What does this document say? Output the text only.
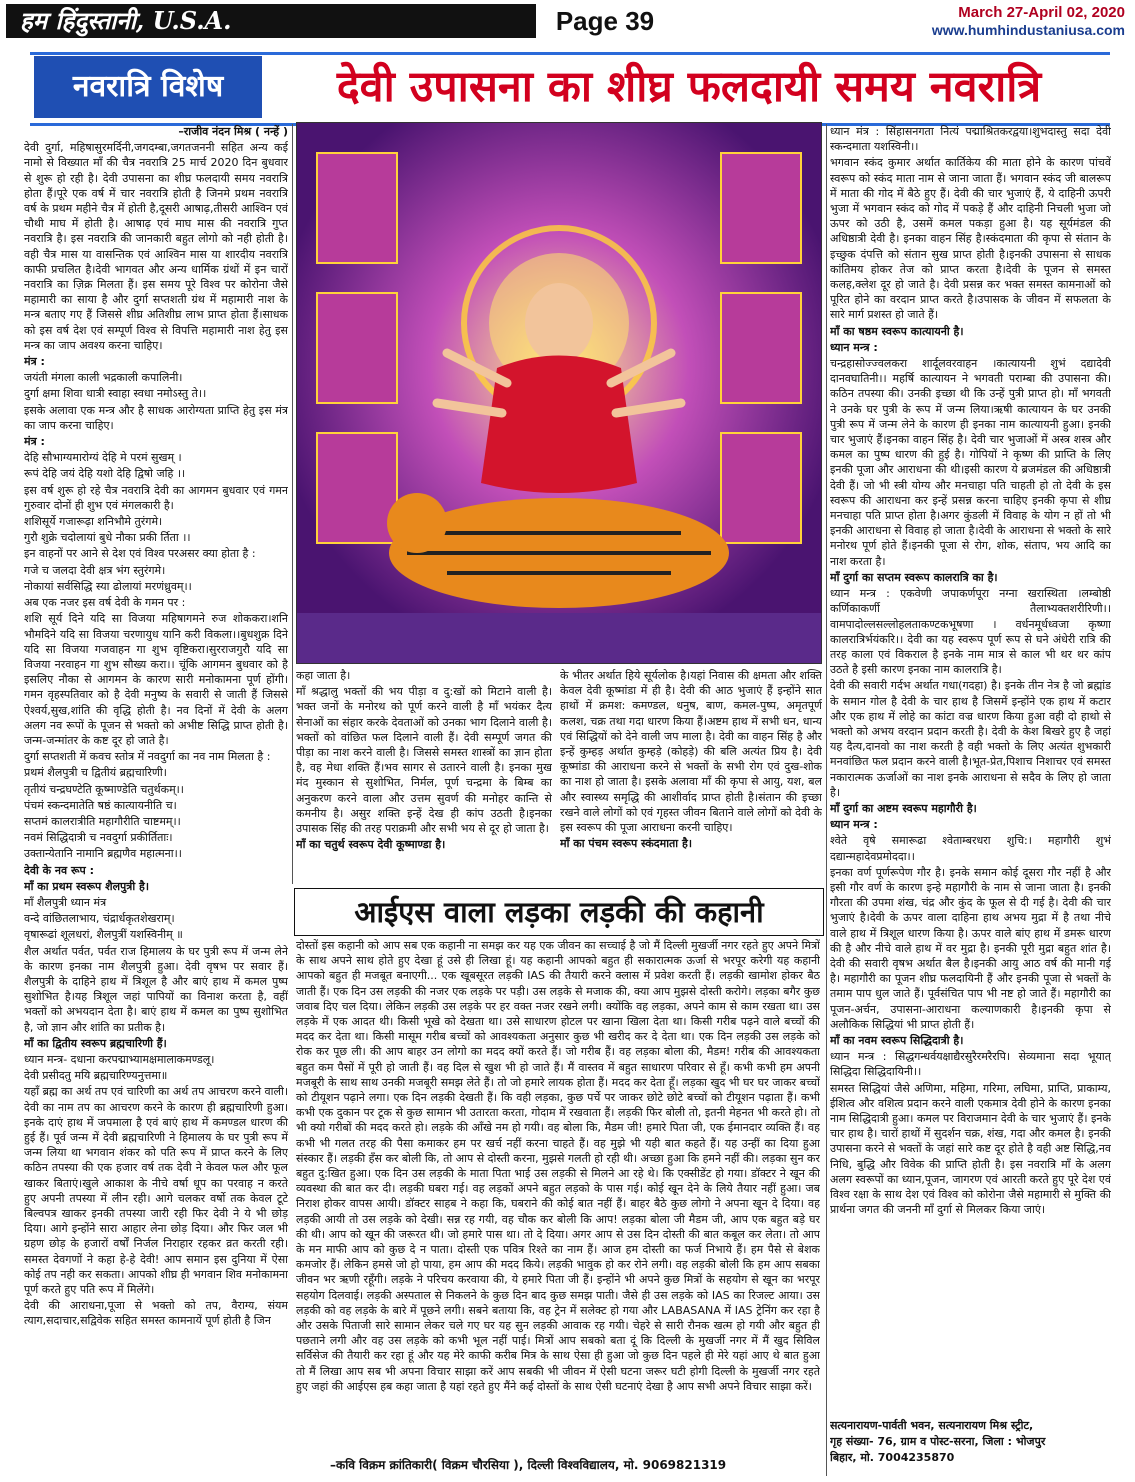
हम हिंदुस्तानी, U.S.A.	Page 39	March 27-April 02, 2020
www.humhindustaniusa.com
नवरात्रि विशेष	देवी उपासना का शीघ्र फलदायी समय नवरात्रि

–राजीव नंदन मिश्र ( नन्हें )

देवी दुर्गा, महिषासुरमर्दिनी,जगदम्बा,जगतजननी सहित अन्य कई नामो से विख्यात माँ की चैत्र नवरात्रि 25 मार्च 2020 दिन बुधवार से शुरू हो रही है। देवी उपासना का शीघ्र फलदायी समय नवरात्रि होता हैं।पूरे एक वर्ष में चार नवरात्रि होती है जिनमे प्रथम नवरात्रि वर्ष के प्रथम महीने चैत्र में होती है,दूसरी आषाढ़,तीसरी आश्विन एवं चौथी माघ में होती है। आषाढ़ एवं माघ मास की नवरात्रि गुप्त नवरात्रि है। इस नवरात्रि की जानकारी बहुत लोगो को नही होती है।वही चैत्र मास या वासन्तिक एवं आश्विन मास या शारदीय नवरात्रि काफी प्रचलित है।देवी भागवत और अन्य धार्मिक ग्रंथों में इन चारों नवरात्रि का ज़िक्र मिलता हैं। इस समय पूरे विश्व पर कोरोना जैसे महामारी का साया है और दुर्गा सप्तशती ग्रंथ में महामारी नाश के मन्त्र बताए गए हैं जिससे शीघ्र अतिशीघ्र लाभ प्राप्त होता हैं।साधक को इस वर्ष देश एवं सम्पूर्ण विश्व से विपत्ति महामारी नाश हेतु इस मन्त्र का जाप अवश्य करना चाहिए।

मंत्र :

जयंती मंगला काली भद्रकाली कपालिनी।

दुर्गा क्षमा शिवा धात्री स्वाहा स्वधा नमोऽस्तु ते।।

इसके अलावा एक मन्त्र और है साधक आरोग्यता प्राप्ति हेतु इस मंत्र का जाप करना चाहिए।

मंत्र :

देहि सौभाग्यमारोग्यं देहि मे परमं सुखम् ।

रूपं देहि जयं देहि यशो देहि द्विषो जहि ।।

इस वर्ष शुरू हो रहे चैत्र नवरात्रि देवी का आगमन बुधवार एवं गमन गुरुवार दोनों ही शुभ एवं मंगलकारी है।

शशिसूर्ये गजारूढ़ा शनिभौमे तुरंगमे।

गुरौ शुक्रे चदोलायां बुधे नौका प्रकी र्तिता ।।

इन वाहनों पर आने से देश एवं विश्व परअसर क्या होता है :

गजे च जलदा देवी क्षत्र भंग स्तुरंगमे।

नोकायां सर्वसिद्धि स्या ढोलायां मरणंध्रुवम्।।

अब एक नजर इस वर्ष देवी के गमन पर :

शशि सूर्य दिने यदि सा विजया महिषागमने रुज शोककरा।शनि भौमदिने यदि सा विजया चरणायुध यानि करी विकला।।बुधशुक्र दिने यदि सा विजया गजवाहन गा शुभ वृष्टिकरा।सुरराजगुरौ यदि सा विजया नरवाहन गा शुभ सौख्य करा।। चूंकि आगमन बुधवार को है इसलिए नौका से आगमन के कारण सारी मनोकामना पूर्ण होंगी। गमन वृहस्पतिवार को है देवी मनुष्य के सवारी से जाती हैं जिससे ऐश्वर्य,सुख,शांति की वृद्धि होती है। नव दिनों में देवी के अलग अलग नव रूपों के पूजन से भक्तो को अभीष्ट सिद्धि प्राप्त होती है।जन्म-जन्मांतर के कष्ट दूर हो जाते है।

दुर्गा सप्तशती में कवच स्तोत्र में नवदुर्गा का नव नाम मिलता है :

प्रथमं शैलपुत्री च द्वितीयं ब्रह्मचारिणी।

तृतीयं चन्द्रघण्टेति कूष्माण्डेति चतुर्थकम्।।

पंचमं स्कन्दमातेति षष्ठं कात्यायनीति च।

सप्तमं कालरात्रीति महागौरीति चाष्टमम्।।

नवमं सिद्धिदात्री च नवदुर्गा प्रकीर्तिताः।

उक्तान्येतानि नामानि ब्रह्मणैव महात्मना।।

देवी के नव रूप :

माँ का प्रथम स्वरूप शैलपुत्री है।

माँ शैलपुत्री ध्यान मंत्र

वन्दे वांछितलाभाय, चंद्रार्धकृतशेखराम्।

वृषारूढां शूलधरां, शैलपुत्रीं यशस्विनीम् ॥

शैल अर्थात पर्वत, पर्वत राज हिमालय के घर पुत्री रूप में जन्म लेने के कारण इनका नाम शैलपुत्री हुआ। देवी वृषभ पर सवार हैं। शैलपुत्री के दाहिने हाथ में त्रिशूल है और बाएं हाथ में कमल पुष्प सुशोभित है।यह त्रिशूल जहां पापियों का विनाश करता है, वहीं भक्तों को अभयदान देता है। बाएं हाथ में कमल का पुष्प सुशोभित है, जो ज्ञान और शांति का प्रतीक है।

माँ का द्वितीय स्वरूप ब्रह्मचारिणी हैं।

ध्यान मन्त्र- दधाना करपद्माभ्यामक्षमालाकमण्डलू।

देवी प्रसीदतु मयि ब्रह्मचारिण्यनुत्तमा॥

यहाँ ब्रह्म का अर्थ तप एवं चारिणी का अर्थ तप आचरण करने वाली। देवी का नाम तप का आचरण करने के कारण ही ब्रह्मचारिणी हुआ। इनके दाएं हाथ में जपमाला है एवं बाएं हाथ में कमण्डल धारण की हुई हैं। पूर्व जन्म में देवी ब्रह्मचारिणी ने हिमालय के घर पुत्री रूप में जन्म लिया था भगवान शंकर को पति रूप में प्राप्त करने के लिए कठिन तपस्या की एक हजार वर्ष तक देवी ने केवल फल और फूल खाकर बिताएं।खुले आकाश के नीचे वर्षा धूप का परवाह न करते हुए अपनी तपस्या में लीन रही। आगे चलकर वर्षो तक केवल टूटे बिल्वपत्र खाकर इनकी तपस्या जारी रही फिर देवी ने ये भी छोड़ दिया। आगे इन्होंने सारा आहार लेना छोड़ दिया। और फिर जल भी ग्रहण छोड़ के हजारों वर्षों निर्जल निराहार रहकर व्रत करती रही।समस्त देवगणों ने कहा हे-हे देवी! आप समान इस दुनिया में ऐसा कोई तप नही कर सकता। आपको शीघ्र ही भगवान शिव मनोकामना पूर्ण करते हुए पति रूप में मिलेंगे।

देवी की आराधना,पूजा से भक्तो को तप, वैराग्य, संयम त्याग,सदाचार,सद्विवेक सहित समस्त कामनायें पूर्ण होती है जिन

कहा जाता है।

माँ श्रद्धालु भक्तों की भय पीड़ा व दु:खों को मिटाने वाली है। भक्त जनों के मनोरथ को पूर्ण करने वाली है माँ भयंकर दैत्य सेनाओं का संहार करके देवताओं को उनका भाग दिलाने वाली है। भक्तों को वांछित फल दिलाने वाली हैं। देवी सम्पूर्ण जगत की पीड़ा का नाश करने वाली है। जिससे समस्त शास्त्रों का ज्ञान होता है, वह मेधा शक्ति हैं।भव सागर से उतारने वाली है। इनका मुख मंद मुस्कान से सुशोभित, निर्मल, पूर्ण चन्द्रमा के बिम्ब का अनुकरण करने वाला और उत्तम सुवर्ण की मनोहर कान्ति से कमनीय है। असुर शक्ति इन्हें देख ही कांप उठती है।इनका उपासक सिंह की तरह पराक्रमी और सभी भय से दूर हो जाता है।

माँ का चतुर्थ स्वरूप देवी कूष्माण्डा है।

के भीतर अर्थात हिये सूर्यलोक है।यहां निवास की क्षमता और शक्ति केवल देवी कूष्मांडा में ही है। देवी की आठ भुजाएं हैं इन्होंने सात हाथों में क्रमश: कमण्डल, धनुष, बाण, कमल-पुष्प, अमृतपूर्ण कलश, चक्र तथा गदा धारण किया हैं।अष्टम हाथ में सभी धन, धान्य एवं सिद्धियों को देने वाली जप माला है। देवी का वाहन सिंह है और इन्हें कुम्हड़ अर्थात कुम्हड़े (कोहड़े) की बलि अत्यंत प्रिय है। देवी कूष्मांडा की आराधना करने से भक्तों के सभी रोग एवं दुख-शोक का नाश हो जाता है। इसके अलावा माँ की कृपा से आयु, यश, बल और स्वास्थ्य समृद्धि की आशीर्वाद प्राप्त होती है।संतान की इच्छा रखने वाले लोगों को एवं गृहस्त जीवन बिताने वाले लोगों को देवी के इस स्वरूप की पूजा आराधना करनी चाहिए।

माँ का पंचम स्वरूप स्कंदमाता है।

ध्यान मंत्र : सिंहासनगता नित्यं पद्माश्रितकरद्वया।शुभदास्तु सदा देवी स्कन्दमाता यशस्विनी।।

भगवान स्कंद कुमार अर्थात कार्तिकेय की माता होने के कारण पांचवें स्वरूप को स्कंद माता नाम से जाना जाता हैं। भगवान स्कंद जी बालरूप में माता की गोद में बैठे हुए हैं। देवी की चार भुजाएं हैं, ये दाहिनी ऊपरी भुजा में भगवान स्कंद को गोद में पकड़े हैं और दाहिनी निचली भुजा जो ऊपर को उठी है, उसमें कमल पकड़ा हुआ है। यह सूर्यमंडल की अधिष्ठात्री देवी है। इनका वाहन सिंह है।स्कंदमाता की कृपा से संतान के इच्छुक दंपत्ति को संतान सुख प्राप्त होती है।इनकी उपासना से साधक कांतिमय होकर तेज को प्राप्त करता है।देवी के पूजन से समस्त कलह,क्लेश दूर हो जाते है। देवी प्रसन्न कर भक्त समस्त कामनाओं को पूरित होने का वरदान प्राप्त करते है।उपासक के जीवन में सफलता के सारे मार्ग प्रशस्त हो जाते हैं।

माँ का षष्ठम स्वरूप कात्यायनी है।

ध्यान मन्त्र :

चन्द्रहासोज्ज्वलकरा शार्दूलवरवाहन ।कात्यायनी शुभं दद्यादेवी दानवघातिनी।। महर्षि कात्यायन ने भगवती पराम्बा की उपासना की। कठिन तपस्या की। उनकी इच्छा थी कि उन्हें पुत्री प्राप्त हो। माँ भगवती ने उनके घर पुत्री के रूप में जन्म लिया।ऋषी कात्यायन के घर उनकी पुत्री रूप में जन्म लेने के कारण ही इनका नाम कात्यायनी हुआ। इनकी चार भुजाएं हैं।इनका वाहन सिंह है। देवी चार भुजाओं में अस्त्र शस्त्र और कमल का पुष्प धारण की हुई है। गोपियों ने कृष्ण की प्राप्ति के लिए इनकी पूजा और आराधना की थी।इसी कारण ये ब्रजमंडल की अधिष्ठात्री देवी हैं। जो भी स्त्री योग्य और मनचाहा पति चाहती हो तो देवी के इस स्वरूप की आराधना कर इन्हें प्रसन्न करना चाहिए इनकी कृपा से शीघ्र मनचाहा पति प्राप्त होता है।अगर कुंडली में विवाह के योग न हों तो भी इनकी आराधना से विवाह हो जाता है।देवी के आराधना से भक्तो के सारे मनोरथ पूर्ण होते हैं।इनकी पूजा से रोग, शोक, संताप, भय आदि का नाश करता है।

माँ दुर्गा का सप्तम स्वरूप कालरात्रि का है।

ध्यान मन्त्र : एकवेणी जपाकर्णपूरा नग्ना खरास्थिता ।लम्बोष्ठी कर्णिकाकर्णी तैलाभ्यक्तशरीरिणी।। वामपादोल्लसल्लोहलताकण्टकभूषणा । वर्धनमूर्धध्वजा कृष्णा कालरात्रिर्भयंकरि।। देवी का यह स्वरूप पूर्ण रूप से घने अंधेरी रात्रि की तरह काला एवं विकराल है इनके नाम मात्र से काल भी थर थर कांप उठते है इसी कारण इनका नाम कालरात्रि है।

देवी की सवारी गर्दभ अर्थात गधा(गदहा) है। इनके तीन नेत्र है जो ब्रह्मांड के समान गोल है देवी के चार हाथ है जिसमें इन्होंने एक हाथ में कटार और एक हाथ में लोहे का कांटा वज्र धारण किया हुआ वही दो हाथो से भक्तो को अभय वरदान प्रदान करती है। देवी के केश बिखरे हुए है जहां यह दैत्य,दानवो का नाश करती है वही भक्तो के लिए अत्यंत शुभकारी मनवांछित फल प्रदान करने वाली है।भूत-प्रेत,पिशाच निशाचर एवं समस्त नकारात्मक ऊर्जाओं का नाश इनके आराधना से सदैव के लिए हो जाता है।

माँ दुर्गा का अष्टम स्वरूप महागौरी है।

ध्यान मन्त्र :

श्वेते वृषे समारूढा श्वेताम्बरधरा शुचि:। महागौरी शुभं दद्यान्महादेवप्रमोददा।।

इनका वर्ण पूर्णरूपेण गौर है। इनके समान कोई दूसरा गौर नहीं है और इसी गौर वर्ण के कारण इन्हे महागौरी के नाम से जाना जाता है। इनकी गौरता की उपमा शंख, चंद्र और कुंद के फूल से दी गई है। देवी की चार भुजाएं है।देवी के ऊपर वाला दाहिना हाथ अभय मुद्रा में है तथा नीचे वाले हाथ में त्रिशूल धारण किया है। ऊपर वाले बांए हाथ में डमरू धारण की है और नीचे वाले हाथ में वर मुद्रा है। इनकी पूरी मुद्रा बहुत शांत है। देवी की सवारी वृषभ अर्थात बैल है।इनकी आयु आठ वर्ष की मानी गई है। महागौरी का पूजन शीघ्र फलदायिनी हैं और इनकी पूजा से भक्तों के तमाम पाप धुल जाते हैं। पूर्वसंचित पाप भी नष्ट हो जाते हैं। महागौरी का पूजन-अर्चन, उपासना-आराधना कल्याणकारी है।इनकी कृपा से अलौकिक सिद्धियां भी प्राप्त होती हैं।

माँ का नवम स्वरूप सिद्धिदात्री है।

ध्यान मन्त्र : सिद्धगन्धर्वयक्षाद्यैरसुरैरमरैरपि। सेव्यमाना सदा भूयात् सिद्धिदा सिद्धिदायिनी।।

समस्त सिद्धियां जैसे अणिमा, महिमा, गरिमा, लघिमा, प्राप्ति, प्राकाम्य, ईशित्व और वशित्व प्रदान करने वाली एकमात्र देवी होने के कारण इनका नाम सिद्धिदात्री हुआ। कमल पर विराजमान देवी के चार भुजाएं हैं। इनके चार हाथ है। चारों हाथों में सुदर्शन चक्र, शंख, गदा और कमल है। इनकी उपासना करने से भक्तों के जहां सारे कष्ट दूर होते है वही अष्ट सिद्धि,नव निधि, बुद्धि और विवेक की प्राप्ति होती है। इस नवरात्रि माँ के अलग अलग स्वरूपों का ध्यान,पूजन, जागरण एवं आरती करते हुए पूरे देश एवं विश्व रक्षा के साथ देश एवं विश्व को कोरोना जैसे महामारी से मुक्ति की प्रार्थना जगत की जननी माँ दुर्गा से मिलकर किया जाएं।

सत्यनारायण-पार्वती भवन, सत्यनारायण मिश्र स्ट्रीट,

गृह संख्या- 76, ग्राम व पोस्ट-सरना, जिला : भोजपुर

बिहार, मो. 7004235870

आईएस वाला लड़का लड़की की कहानी

दोस्तों इस कहानी को आप सब एक कहानी ना समझ कर यह एक जीवन का सच्चाई है जो मैं दिल्ली मुखर्जी नगर रहते हुए अपने मित्रों के साथ अपने साथ होते हुए देखा हूं उसे ही लिखा हूं। यह कहानी आपको बहुत ही सकारात्मक ऊर्जा से भरपूर करेगी यह कहानी आपको बहुत ही मजबूत बनाएगी... एक खूबसूरत लड़की IAS की तैयारी करने क्लास में प्रवेश करती हैं। लड़की खामोश होकर बैठ जाती हैं। एक दिन उस लड़की की नजर एक लड़के पर पड़ी। उस लड़के से मजाक की, क्या आप मुझसे दोस्ती करोगे। लड़का बगैर कुछ जवाब दिए चल दिया। लेकिन लड़की उस लड़के पर हर वक्त नजर रखने लगी। क्योंकि वह लड़का, अपने काम से काम रखता था। उस लड़के में एक आदत थी। किसी भूखे को देखता था। उसे साधारण होटल पर खाना खिला देता था। किसी गरीब पढ़ने वाले बच्चों की मदद कर देता था। किसी मासूम गरीब बच्चों को आवश्यकता अनुसार कुछ भी खरीद कर दे देता था। एक दिन लड़की उस लड़के को रोक कर पूछ ली। की आप बाहर उन लोगो का मदद क्यों करते हैं। जो गरीब हैं। वह लड़का बोला की, मैडम! गरीब की आवश्यकता बहुत कम पैसों में पूरी हो जाती हैं। वह दिल से खुश भी हो जाते हैं। मैं वास्तव में बहुत साधारण परिवार से हूँ। कभी कभी हम अपनी मजबूरी के साथ साथ उनकी मजबूरी समझ लेते हैं। तो जो हमारे लायक होता हैं। मदद कर देता हूँ। लड़का खुद भी घर घर जाकर बच्चों को टीयूशन पढ़ाने लगा। एक दिन लड़की देखती हैं। कि वही लड़का, कुछ पर्चे पर जाकर छोटे छोटे बच्चों को टीयूशन पढ़ाता हैं। कभी कभी एक दुकान पर टूक से कुछ सामान भी उतारता करता, गोदाम में रखवाता हैं। लड़की फिर बोली तो, इतनी मेहनत भी करते हो। तो भी क्यो गरीबों की मदद करते हो। लड़के की आँखे नम हो गयी। वह बोला कि, मैडम जी! हमारे पिता जी, एक ईमानदार व्यक्ति हैं। वह कभी भी गलत तरह की पैसा कमाकर हम पर खर्च नहीं करना चाहते हैं। वह मुझे भी यही बात कहते हैं। यह उन्हीं का दिया हुआ संस्कार हैं। लड़की हँस कर बोली कि, तो आप से दोस्ती करना, मुझसे गलती हो रही थी। अच्छा हुआ कि हमने नहीं की। लड़का सुन कर बहुत दु:खित हुआ। एक दिन उस लड़की के माता पिता भाई उस लड़की से मिलने आ रहे थे। कि एक्सीडेंट हो गया। डॉक्टर ने खून की व्यवस्था की बात कर दी। लड़की घबरा गई। वह लड़कों अपने बहुत लड़को के पास गई। कोई खून देने के लिये तैयार नहीं हुआ। जब निराश होकर वापस आयी। डॉक्टर साहब ने कहा कि, घबराने की कोई बात नहीं हैं। बाहर बैठे कुछ लोगो ने अपना खून दे दिया। वह लड़की आयी तो उस लड़के को देखी। सन्न रह गयी, वह चौक कर बोली कि आप! लड़का बोला जी मैडम जी, आप एक बहुत बड़े घर की थी। आप को खून की जरूरत थी। जो हमारे पास था। तो दे दिया। अगर आप से उस दिन दोस्ती की बात कबूल कर लेता। तो आप के मन माफी आप को कुछ दे न पाता। दोस्ती एक पवित्र रिश्ते का नाम हैं। आज हम दोस्ती का फर्ज निभाये हैं। हम पैसे से बेशक कमजोर हैं। लेकिन हमसे जो हो पाया, हम आप की मदद किये। लड़की भावुक हो कर रोने लगी। वह लड़की बोली कि हम आप सबका जीवन भर ऋणी रहूँगी। लड़के ने परिचय करवाया की, ये हमारे पिता जी हैं। इन्होंने भी अपने कुछ मित्रों के सहयोग से खून का भरपूर सहयोग दिलवाई। लड़की अस्पताल से निकलने के कुछ दिन बाद कुछ समझ पाती। जैसे ही उस लड़के को IAS का रिजल्ट आया। उस लड़की को वह लड़के के बारे में पूछने लगी। सबने बताया कि, वह ट्रेन में सलेक्ट हो गया और LABASANA में IAS ट्रेनिंग कर रहा है और उसके पिताजी सारे सामान लेकर चले गए घर यह सुन लड़की आवाक रह गयी। चेहरे से सारी रौनक खत्म हो गयी और बहुत ही पछताने लगी और वह उस लड़के को कभी भूल नहीं पाई। मित्रों आप सबको बता दूं कि दिल्ली के मुखर्जी नगर में मैं खुद सिविल सर्विसेज की तैयारी कर रहा हूं और यह मेरे काफी करीब मित्र के साथ ऐसा ही हुआ जो कुछ दिन पहले ही मेरे यहां आए थे बात हुआ तो मैं लिखा आप सब भी अपना विचार साझा करें आप सबकी भी जीवन में ऐसी घटना जरूर घटी होगी दिल्ली के मुखर्जी नगर रहते हुए जहां की आईएस हब कहा जाता है यहां रहते हुए मैंने कई दोस्तों के साथ ऐसी घटनाएं देखा है आप सभी अपने विचार साझा करें।

–कवि विक्रम क्रांतिकारी( विक्रम चौरसिया ), दिल्ली विश्वविद्यालय, मो. 9069821319
